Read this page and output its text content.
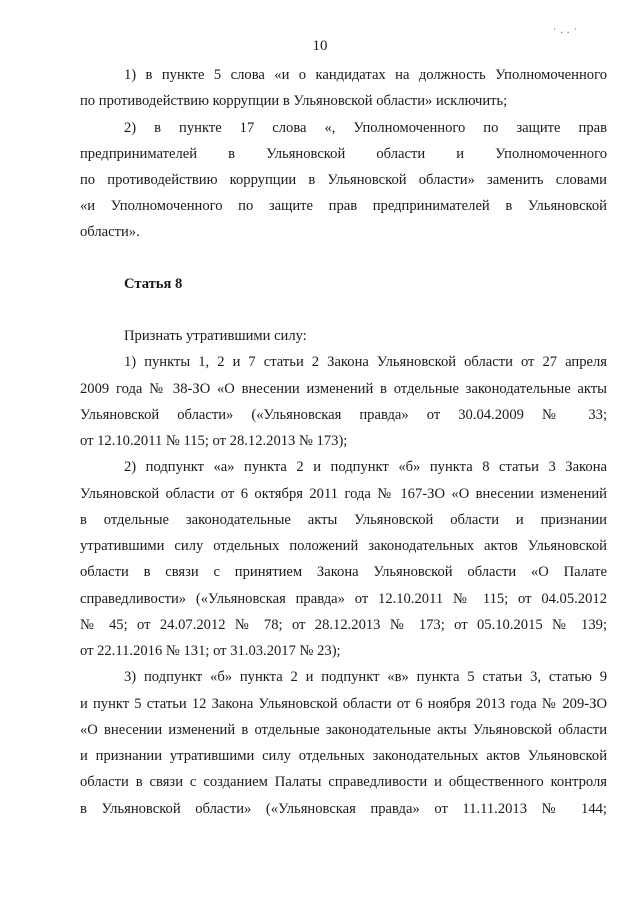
10
˙ · · ˙
1) в пункте 5 слова «и о кандидатах на должность Уполномоченного
по противодействию коррупции в Ульяновской области» исключить;
2) в пункте 17 слова «, Уполномоченного по защите прав
предпринимателей в Ульяновской области и Уполномоченного
по противодействию коррупции в Ульяновской области» заменить словами
«и Уполномоченного по защите прав предпринимателей в Ульяновской
области».
Статья 8
Признать утратившими силу:
1) пункты 1, 2 и 7 статьи 2 Закона Ульяновской области от 27 апреля
2009 года № 38-ЗО «О внесении изменений в отдельные законодательные акты
Ульяновской области» («Ульяновская правда» от 30.04.2009 № 33;
от 12.10.2011 № 115; от 28.12.2013 № 173);
2) подпункт «а» пункта 2 и подпункт «б» пункта 8 статьи 3 Закона
Ульяновской области от 6 октября 2011 года № 167-ЗО «О внесении изменений
в отдельные законодательные акты Ульяновской области и признании
утратившими силу отдельных положений законодательных актов Ульяновской
области в связи с принятием Закона Ульяновской области «О Палате
справедливости» («Ульяновская правда» от 12.10.2011 № 115; от 04.05.2012
№ 45; от 24.07.2012 № 78; от 28.12.2013 № 173; от 05.10.2015 № 139;
от 22.11.2016 № 131; от 31.03.2017 № 23);
3) подпункт «б» пункта 2 и подпункт «в» пункта 5 статьи 3, статью 9
и пункт 5 статьи 12 Закона Ульяновской области от 6 ноября 2013 года № 209-ЗО
«О внесении изменений в отдельные законодательные акты Ульяновской области
и признании утратившими силу отдельных законодательных актов Ульяновской
области в связи с созданием Палаты справедливости и общественного контроля
в Ульяновской области» («Ульяновская правда» от 11.11.2013 № 144;
